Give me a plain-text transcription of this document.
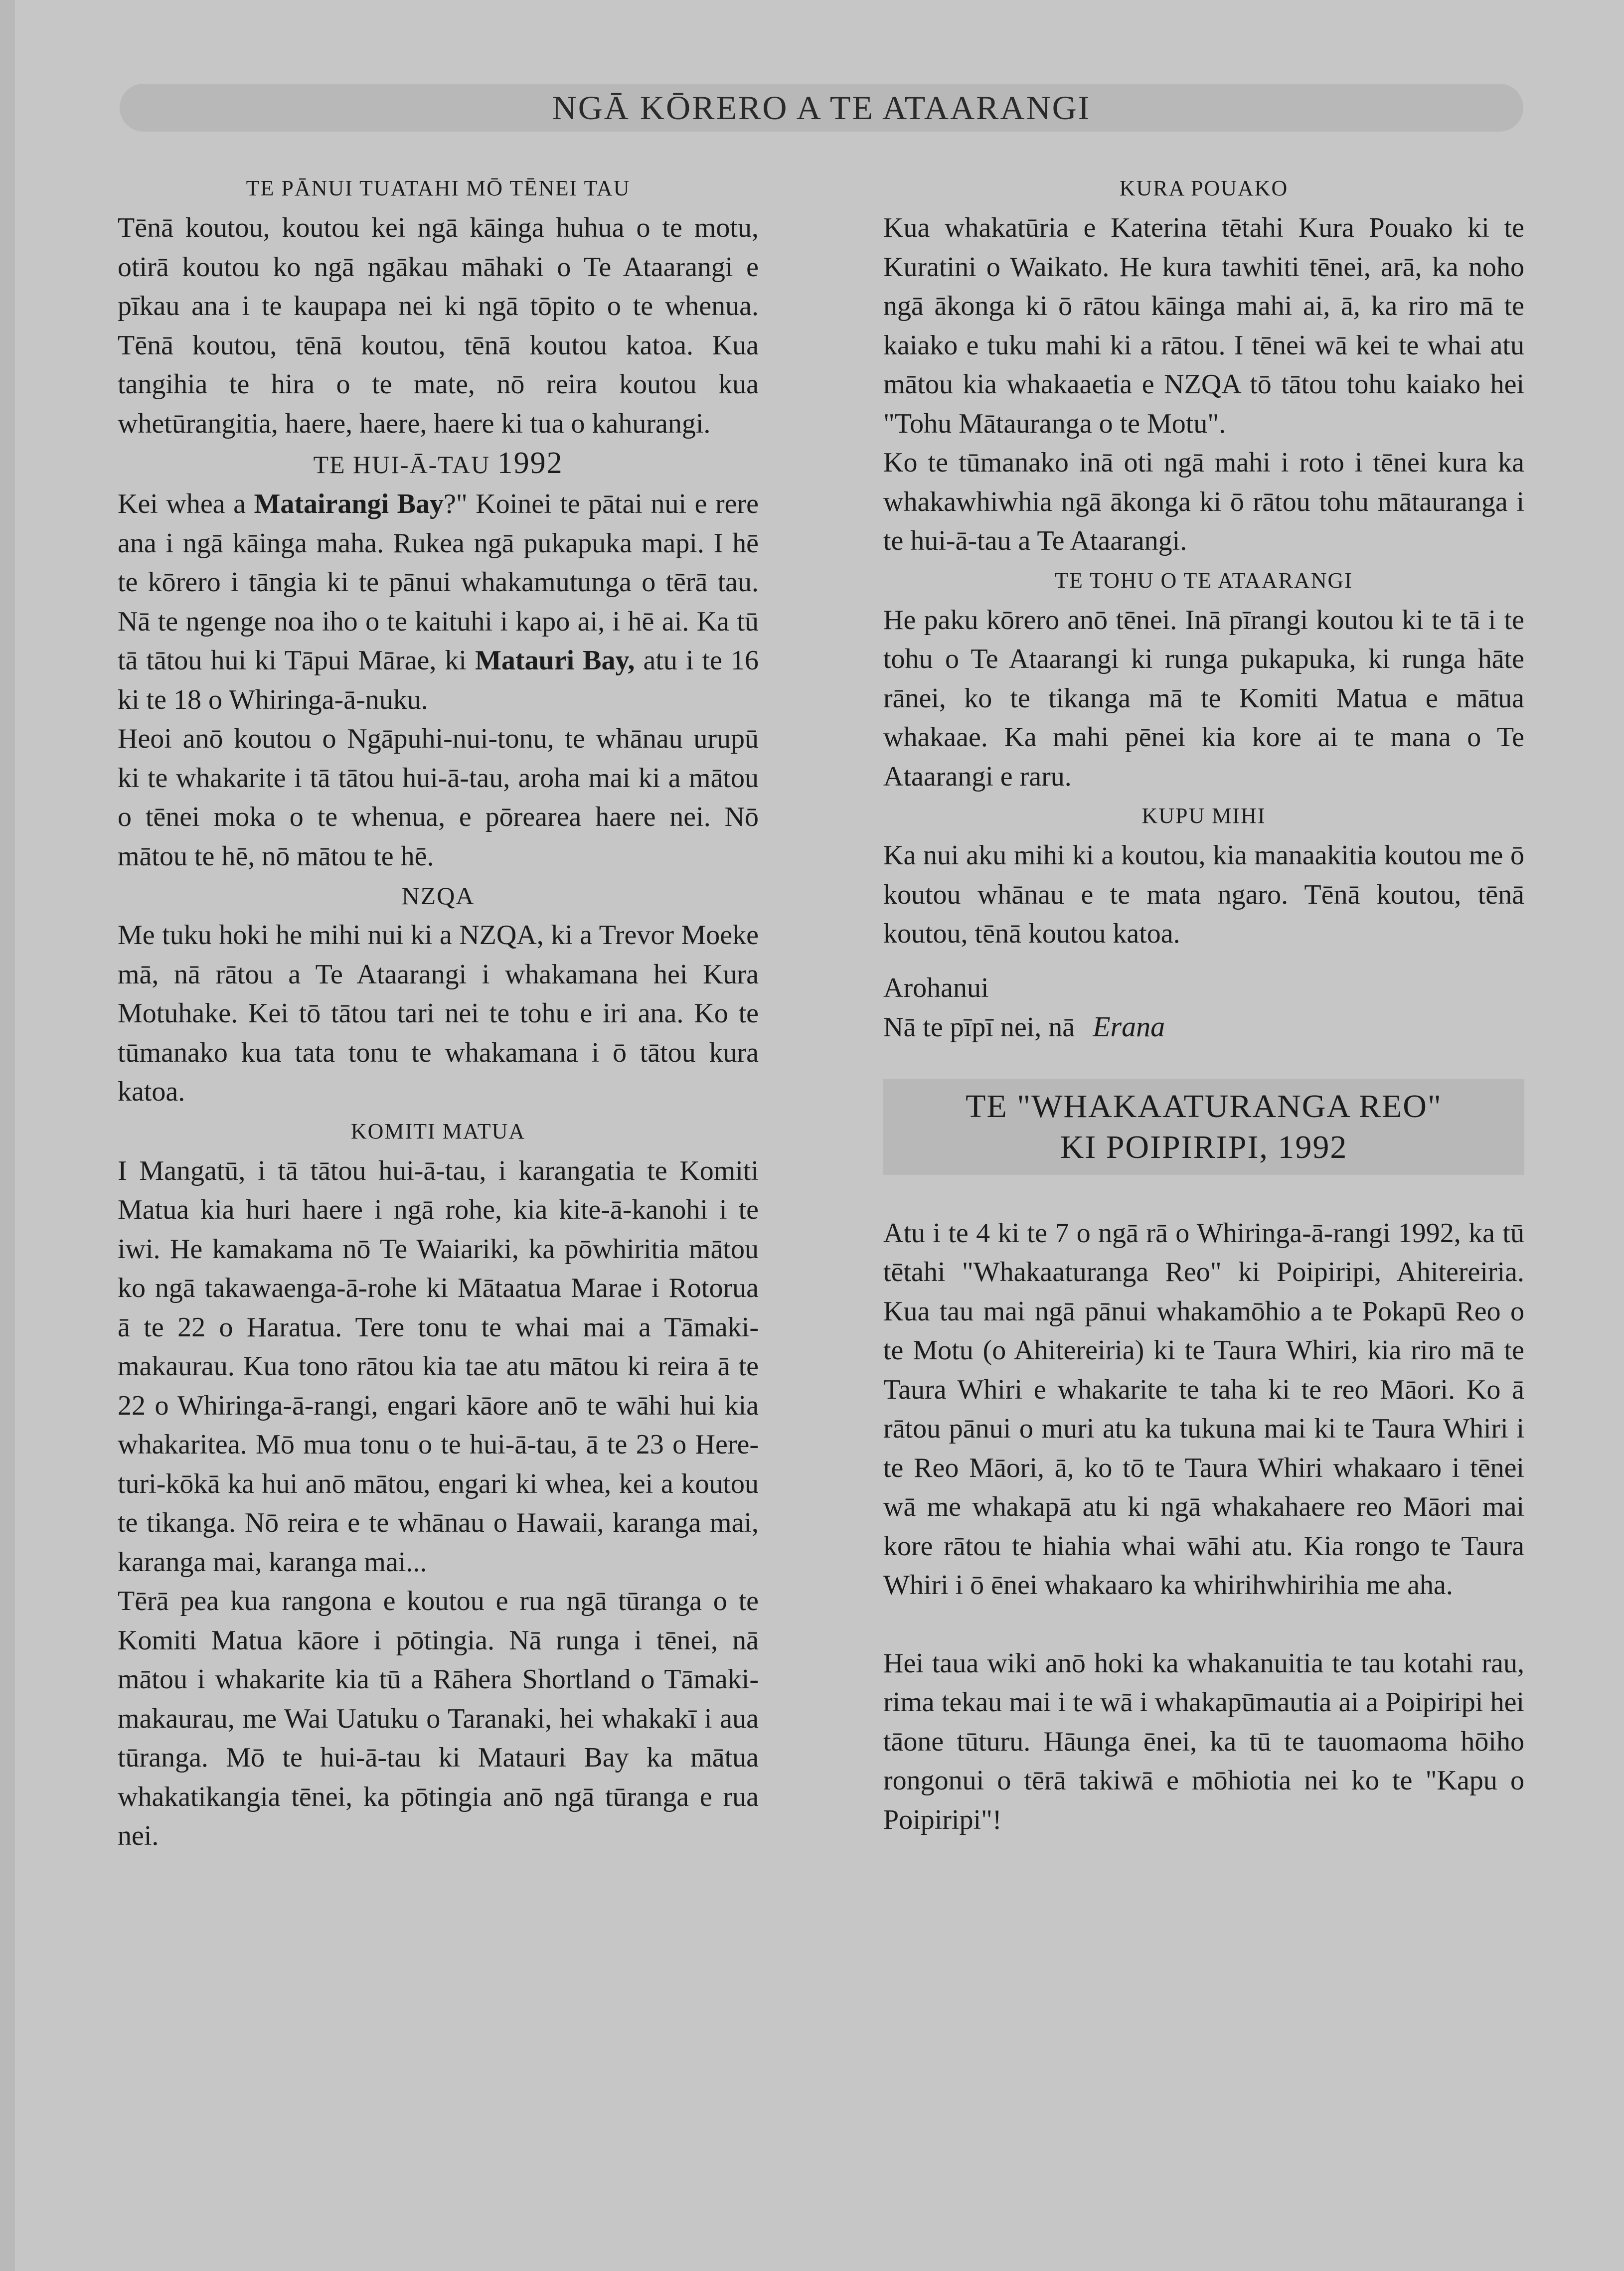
NGĀ KŌRERO A TE ATAARANGI
TE PĀNUI TUATAHI MŌ TĒNEI TAU

Tēnā koutou, koutou kei ngā kāinga huhua o te motu, otirā koutou ko ngā ngākau māhaki o Te Ataarangi e pīkau ana i te kaupapa nei ki ngā tōpito o te whenua. Tēnā koutou, tēnā koutou, tēnā koutou katoa. Kua tangihia te hira o te mate, nō reira koutou kua whetūrangitia, haere, haere, haere ki tua o kahurangi.

TE HUI-Ā-TAU 1992

Kei whea a Matairangi Bay?" Koinei te pātai nui e rere ana i ngā kāinga maha. Rukea ngā pukapuka mapi. I hē te kōrero i tāngia ki te pānui whakamutunga o tērā tau. Nā te ngenge noa iho o te kaituhi i kapo ai, i hē ai. Ka tū tā tātou hui ki Tāpui Mārae, ki Matauri Bay, atu i te 16 ki te 18 o Whiringa-ā-nuku.

Heoi anō koutou o Ngāpuhi-nui-tonu, te whānau urupū ki te whakarite i tā tātou hui-ā-tau, aroha mai ki a mātou o tēnei moka o te whenua, e pōrearea haere nei. Nō mātou te hē, nō mātou te hē.

NZQA

Me tuku hoki he mihi nui ki a NZQA, ki a Trevor Moeke mā, nā rātou a Te Ataarangi i whakamana hei Kura Motuhake. Kei tō tātou tari nei te tohu e iri ana. Ko te tūmanako kua tata tonu te whakamana i ō tātou kura katoa.

KOMITI MATUA

I Mangatū, i tā tātou hui-ā-tau, i karangatia te Komiti Matua kia huri haere i ngā rohe, kia kite-ā-kanohi i te iwi. He kamakama nō Te Waiariki, ka pōwhiritia mātou ko ngā takawaenga-ā-rohe ki Mātaatua Marae i Rotorua ā te 22 o Haratua. Tere tonu te whai mai a Tāmaki-makaurau. Kua tono rātou kia tae atu mātou ki reira ā te 22 o Whiringa-ā-rangi, engari kāore anō te wāhi hui kia whakaritea. Mō mua tonu o te hui-ā-tau, ā te 23 o Here-turi-kōkā ka hui anō mātou, engari ki whea, kei a koutou te tikanga. Nō reira e te whānau o Hawaii, karanga mai, karanga mai, karanga mai...

Tērā pea kua rangona e koutou e rua ngā tūranga o te Komiti Matua kāore i pōtingia. Nā runga i tēnei, nā mātou i whakarite kia tū a Rāhera Shortland o Tāmaki-makaurau, me Wai Uatuku o Taranaki, hei whakakī i aua tūranga. Mō te hui-ā-tau ki Matauri Bay ka mātua whakatikangia tēnei, ka pōtingia anō ngā tūranga e rua nei.

KURA POUAKO

Kua whakatūria e Katerina tētahi Kura Pouako ki te Kuratini o Waikato. He kura tawhiti tēnei, arā, ka noho ngā ākonga ki ō rātou kāinga mahi ai, ā, ka riro mā te kaiako e tuku mahi ki a rātou. I tēnei wā kei te whai atu mātou kia whakaaetia e NZQA tō tātou tohu kaiako hei "Tohu Mātauranga o te Motu".

Ko te tūmanako inā oti ngā mahi i roto i tēnei kura ka whakawhiwhia ngā ākonga ki ō rātou tohu mātauranga i te hui-ā-tau a Te Ataarangi.

TE TOHU O TE ATAARANGI

He paku kōrero anō tēnei. Inā pīrangi koutou ki te tā i te tohu o Te Ataarangi ki runga pukapuka, ki runga hāte rānei, ko te tikanga mā te Komiti Matua e mātua whakaae. Ka mahi pēnei kia kore ai te mana o Te Ataarangi e raru.

KUPU MIHI

Ka nui aku mihi ki a koutou, kia manaakitia koutou me ō koutou whānau e te mata ngaro. Tēnā koutou, tēnā koutou, tēnā koutou katoa.

Arohanui

Nā te pīpī nei, nā Erana

TE "WHAKAATURANGA REO"
KI POIPIRIPI, 1992

Atu i te 4 ki te 7 o ngā rā o Whiringa-ā-rangi 1992, ka tū tētahi "Whakaaturanga Reo" ki Poipiripi, Ahitereiria. Kua tau mai ngā pānui whakamōhio a te Pokapū Reo o te Motu (o Ahitereiria) ki te Taura Whiri, kia riro mā te Taura Whiri e whakarite te taha ki te reo Māori. Ko ā rātou pānui o muri atu ka tukuna mai ki te Taura Whiri i te Reo Māori, ā, ko tō te Taura Whiri whakaaro i tēnei wā me whakapā atu ki ngā whakahaere reo Māori mai kore rātou te hiahia whai wāhi atu. Kia rongo te Taura Whiri i ō ēnei whakaaro ka whirihwhirihia me aha.

Hei taua wiki anō hoki ka whakanuitia te tau kotahi rau, rima tekau mai i te wā i whakapūmautia ai a Poipiripi hei tāone tūturu. Hāunga ēnei, ka tū te tauomaoma hōiho rongonui o tērā takiwā e mōhiotia nei ko te "Kapu o Poipiripi"!
